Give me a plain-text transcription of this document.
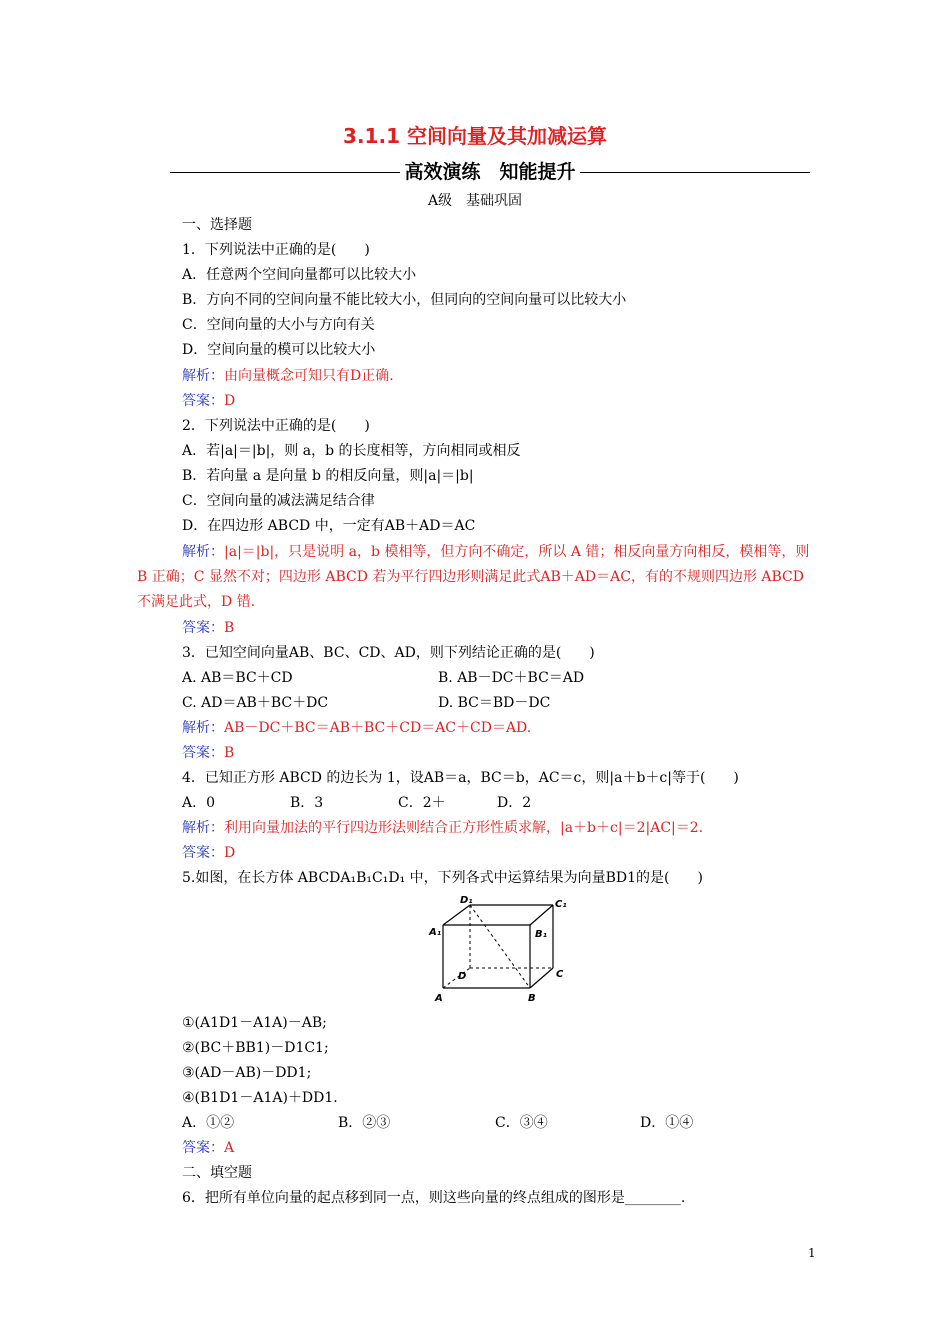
3.1.1 空间向量及其加减运算
高效演练　知能提升
A级　基础巩固
一、选择题
1．下列说法中正确的是(　　)
A．任意两个空间向量都可以比较大小
B．方向不同的空间向量不能比较大小，但同向的空间向量可以比较大小
C．空间向量的大小与方向有关
D．空间向量的模可以比较大小
解析：由向量概念可知只有D正确.
答案：D
2．下列说法中正确的是(　　)
A．若|a|＝|b|，则 a，b 的长度相等，方向相同或相反
B．若向量 a 是向量 b 的相反向量，则|a|＝|b|
C．空间向量的减法满足结合律
D．在四边形 ABCD 中，一定有AB＋AD＝AC
解析：|a|＝|b|，只是说明 a，b 模相等，但方向不确定，所以 A 错；相反向量方向相反，模相等，则 B 正确；C 显然不对；四边形 ABCD 若为平行四边形则满足此式AB＋AD＝AC，有的不规则四边形 ABCD 不满足此式，D 错.
答案：B
3．已知空间向量AB、BC、CD、AD，则下列结论正确的是(　　)
A. AB＝BC＋CD	B. AB－DC＋BC＝AD
C. AD＝AB＋BC＋DC	D. BC＝BD－DC
解析：AB－DC＋BC＝AB＋BC＋CD＝AC＋CD＝AD.
答案：B
4．已知正方形 ABCD 的边长为 1，设AB＝a，BC＝b，AC＝c，则|a＋b＋c|等于(　　)
A．0	B．3	C．2＋	D．2
解析：利用向量加法的平行四边形法则结合正方形性质求解，|a＋b＋c|＝2|AC|＝2.
答案：D
5.如图，在长方体 ABCDA₁B₁C₁D₁ 中，下列各式中运算结果为向量BD1的是(　　)
D₁	C₁
A₁	B₁
D	C
A	B
①(A1D1－A1A)－AB;
②(BC＋BB1)－D1C1;
③(AD－AB)－DD1;
④(B1D1－A1A)＋DD1.
A．①②	B．②③	C．③④	D．①④
答案：A
二、填空题
6．把所有单位向量的起点移到同一点，则这些向量的终点组成的图形是________.
1
